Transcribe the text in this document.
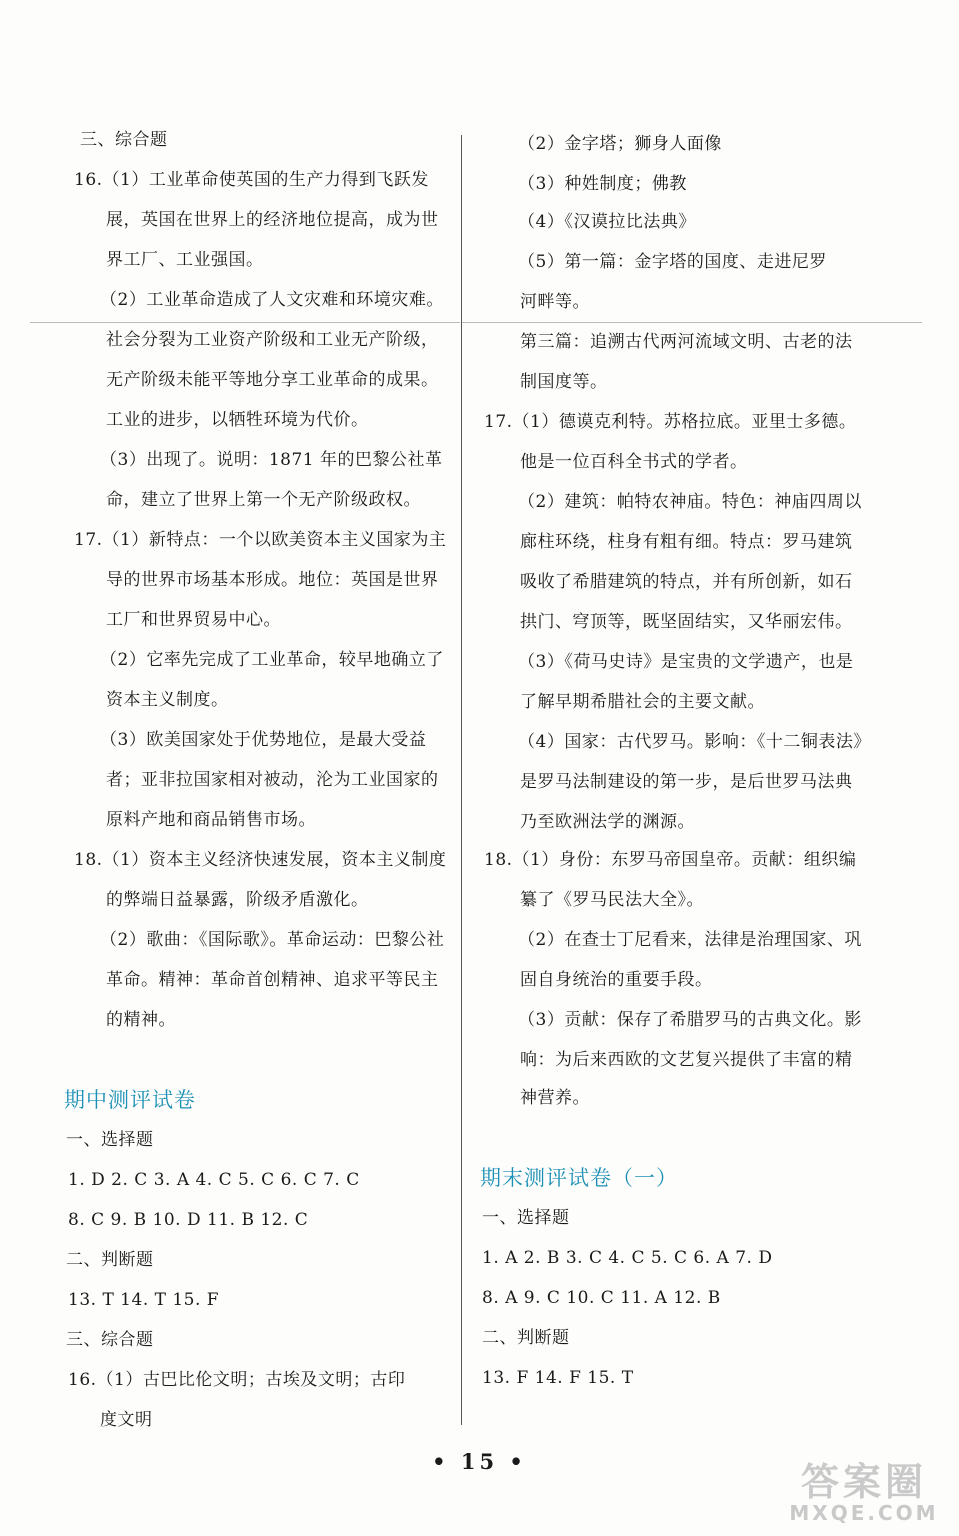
三、综合题
16.（1）工业革命使英国的生产力得到飞跃发
展，英国在世界上的经济地位提高，成为世
界工厂、工业强国。
（2）工业革命造成了人文灾难和环境灾难。
社会分裂为工业资产阶级和工业无产阶级，
无产阶级未能平等地分享工业革命的成果。
工业的进步，以牺牲环境为代价。
（3）出现了。说明：1871 年的巴黎公社革
命，建立了世界上第一个无产阶级政权。
17.（1）新特点：一个以欧美资本主义国家为主
导的世界市场基本形成。地位：英国是世界
工厂和世界贸易中心。
（2）它率先完成了工业革命，较早地确立了
资本主义制度。
（3）欧美国家处于优势地位，是最大受益
者；亚非拉国家相对被动，沦为工业国家的
原料产地和商品销售市场。
18.（1）资本主义经济快速发展，资本主义制度
的弊端日益暴露，阶级矛盾激化。
（2）歌曲：《国际歌》。革命运动：巴黎公社
革命。精神：革命首创精神、追求平等民主
的精神。
期中测评试卷
一、选择题
1. D 2. C 3. A 4. C 5. C 6. C 7. C
8. C 9. B 10. D 11. B 12. C
二、判断题
13. T 14. T 15. F
三、综合题
16.（1）古巴比伦文明；古埃及文明；古印
度文明
（2）金字塔；狮身人面像
（3）种姓制度；佛教
（4）《汉谟拉比法典》
（5）第一篇：金字塔的国度、走进尼罗
河畔等。
第三篇：追溯古代两河流域文明、古老的法
制国度等。
17.（1）德谟克利特。苏格拉底。亚里士多德。
他是一位百科全书式的学者。
（2）建筑：帕特农神庙。特色：神庙四周以
廊柱环绕，柱身有粗有细。特点：罗马建筑
吸收了希腊建筑的特点，并有所创新，如石
拱门、穹顶等，既坚固结实，又华丽宏伟。
（3）《荷马史诗》是宝贵的文学遗产，也是
了解早期希腊社会的主要文献。
（4）国家：古代罗马。影响：《十二铜表法》
是罗马法制建设的第一步，是后世罗马法典
乃至欧洲法学的渊源。
18.（1）身份：东罗马帝国皇帝。贡献：组织编
纂了《罗马民法大全》。
（2）在查士丁尼看来，法律是治理国家、巩
固自身统治的重要手段。
（3）贡献：保存了希腊罗马的古典文化。影
响：为后来西欧的文艺复兴提供了丰富的精
神营养。
期末测评试卷（一）
一、选择题
1. A 2. B 3. C 4. C 5. C 6. A 7. D
8. A 9. C 10. C 11. A 12. B
二、判断题
13. F 14. F 15. T
• 15 •	答案圈
MXQE.COM
